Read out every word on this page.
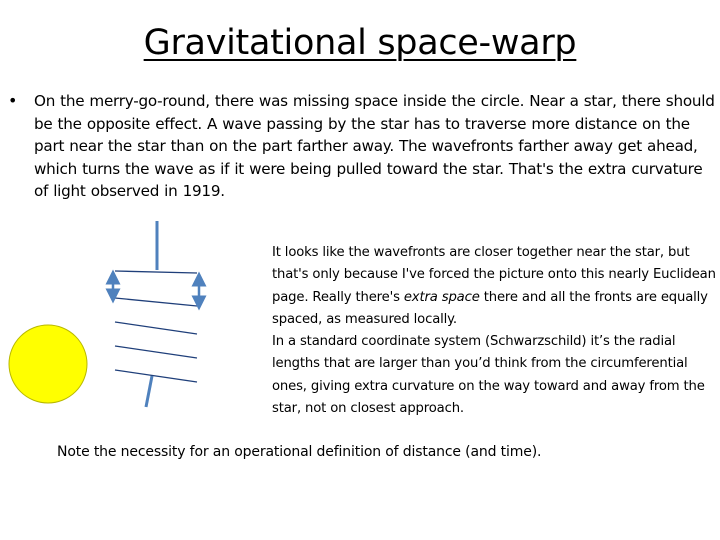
Gravitational space-warp
• On the merry-go-round, there was missing space inside the circle. Near a star, there should be the opposite effect. A wave passing by the star has to traverse more distance on the part near the star than on the part farther away. The wavefronts farther away get ahead, which turns the wave as if it were being pulled toward the star. That's the extra curvature of light observed in 1919.

It looks like the wavefronts are closer together near the star, but that's only because I've forced the picture onto this nearly Euclidean page. Really there's extra space there and all the fronts are equally spaced, as measured locally.

In a standard coordinate system (Schwarzschild) it’s the radial lengths that are larger than you’d think from the circumferential ones, giving extra curvature on the way toward and away from the star, not on closest approach.

Note the necessity for an operational definition of distance (and time).
